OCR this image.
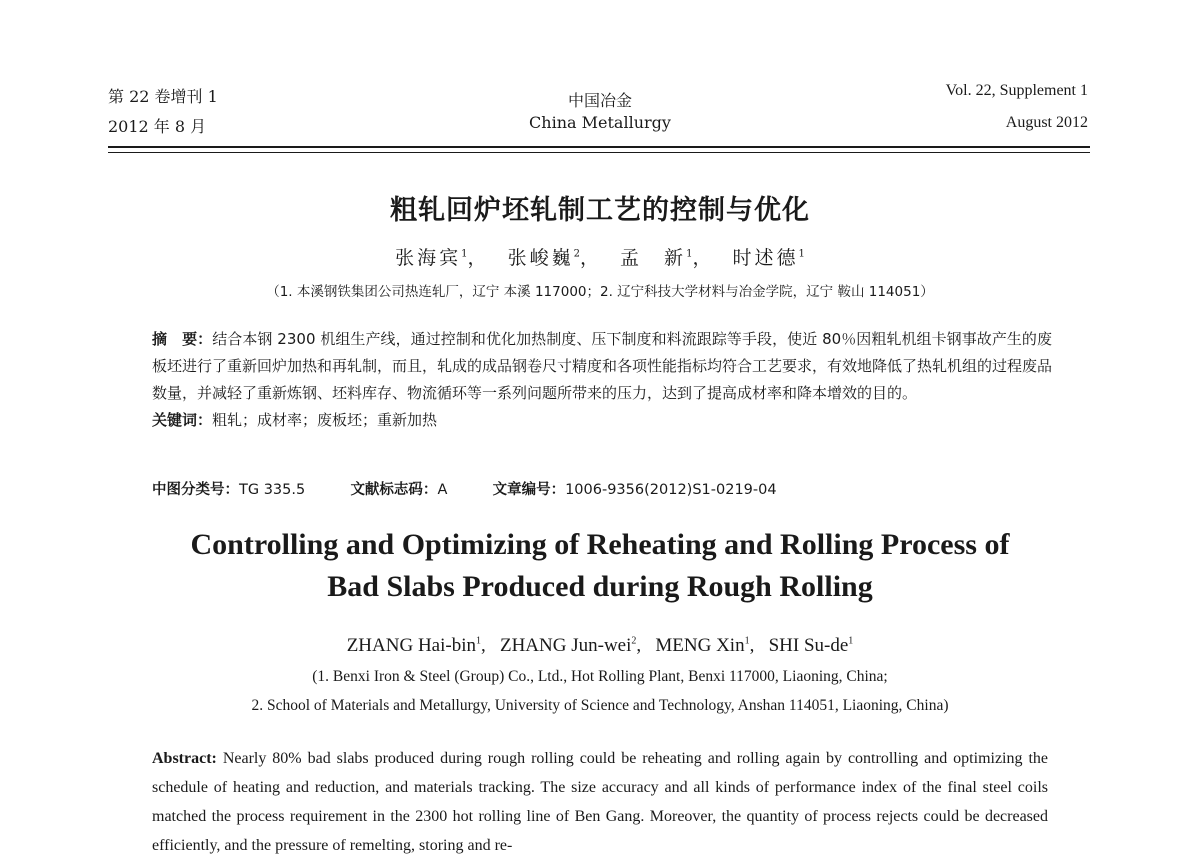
第 22 卷增刊 1
2012 年 8 月
中国冶金
China Metallurgy
Vol. 22, Supplement 1
August 2012
粗轧回炉坯轧制工艺的控制与优化
张海宾$^1$，  张峻巍$^2$，  孟　新$^1$，  时述德$^1$
（1. 本溪钢铁集团公司热连轧厂，辽宁 本溪 117000；2. 辽宁科技大学材料与冶金学院，辽宁 鞍山 114051）

摘　要：结合本钢 2300 机组生产线，通过控制和优化加热制度、压下制度和料流跟踪等手段，使近 80％因粗轧机组卡钢事故产生的废板坯进行了重新回炉加热和再轧制，而且，轧成的成品钢卷尺寸精度和各项性能指标均符合工艺要求，有效地降低了热轧机组的过程废品数量，并减轻了重新炼钢、坯料库存、物流循环等一系列问题所带来的压力，达到了提高成材率和降本增效的目的。

关键词：粗轧；成材率；废板坯；重新加热

中图分类号：TG 335.5	文献标志码：A	文章编号：1006-9356(2012)S1-0219-04
Controlling and Optimizing of Reheating and Rolling Process of
Bad Slabs Produced during Rough Rolling
ZHANG Hai-bin$^1$,   ZHANG Jun-wei$^2$,   MENG Xin$^1$,   SHI $Su-de^1$
(1. Benxi Iron & Steel (Group) Co., Ltd., Hot Rolling Plant, Benxi 117000, Liaoning, China;
2. School of Materials and Metallurgy, University of Science and Technology, Anshan 114051, Liaoning, China)

Abstract: Nearly 80% bad slabs produced during rough rolling could be reheating and rolling again by controlling and optimizing the schedule of heating and reduction, and materials tracking. The size accuracy and all kinds of performance index of the final steel coils matched the process requirement in the 2300 hot rolling line of Ben Gang. Moreover, the quantity of process rejects could be decreased efficiently, and the pressure of remelting, storing and re-
